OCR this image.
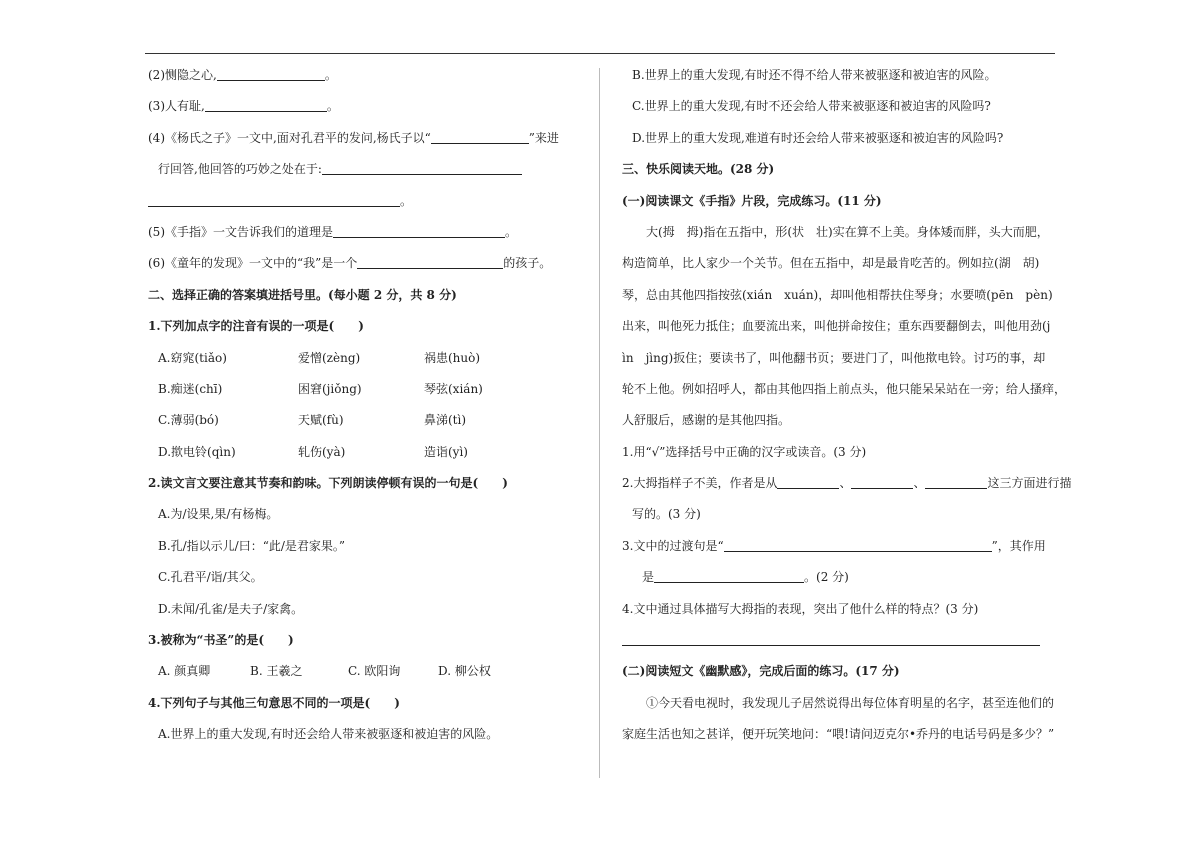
(2)恻隐之心,	。
(3)人有耻,	。
(4)《杨氏之子》一文中,面对孔君平的发问,杨氏子以“	”来进
行回答,他回答的巧妙之处在于:
。
(5)《手指》一文告诉我们的道理是	。
(6)《童年的发现》一文中的“我”是一个	的孩子。
二、选择正确的答案填进括号里。(每小题 2 分，共 8 分)
1.下列加点字的注音有误的一项是(　　)
A.窈窕(tiǎo)	爱憎(zèng)	祸患(huò)
B.痴迷(chī)	困窘(jiǒng)	琴弦(xián)
C.薄弱(bó)	天赋(fù)	鼻涕(tì)
D.揿电铃(qìn)	轧伤(yà)	造诣(yì)
2.读文言文要注意其节奏和韵味。下列朗读停顿有误的一句是(　　)
A.为/设果,果/有杨梅。
B.孔/指以示儿/曰：“此/是君家果。”
C.孔君平/诣/其父。
D.未闻/孔雀/是夫子/家禽。
3.被称为“书圣”的是(　　)
A. 颜真卿	B. 王羲之	C. 欧阳询	D. 柳公权
4.下列句子与其他三句意思不同的一项是(　　)
A.世界上的重大发现,有时还会给人带来被驱逐和被迫害的风险。
B.世界上的重大发现,有时还不得不给人带来被驱逐和被迫害的风险。
C.世界上的重大发现,有时不还会给人带来被驱逐和被迫害的风险吗?
D.世界上的重大发现,难道有时还会给人带来被驱逐和被迫害的风险吗?
三、快乐阅读天地。(28 分)
(一)阅读课文《手指》片段，完成练习。(11 分)
　　大(拇　拇)指在五指中，形(状　壮)实在算不上美。身体矮而胖，头大而肥，
构造简单，比人家少一个关节。但在五指中，却是最肯吃苦的。例如拉(湖　胡)
琴，总由其他四指按弦(xián　xuán)，却叫他相帮扶住琴身；水要喷(pēn　pèn)
出来，叫他死力抵住；血要流出来，叫他拼命按住；重东西要翻倒去，叫他用劲(j
ìn　jìng)扳住；要读书了，叫他翻书页；要进门了，叫他揿电铃。讨巧的事，却
轮不上他。例如招呼人，都由其他四指上前点头，他只能呆呆站在一旁；给人搔痒，
人舒服后，感谢的是其他四指。
1.用“√”选择括号中正确的汉字或读音。(3 分)
2.大拇指样子不美，作者是从	、	、	这三方面进行描
写的。(3 分)
3.文中的过渡句是“	”，其作用
是	。(2 分)
4.文中通过具体描写大拇指的表现，突出了他什么样的特点？(3 分)
(二)阅读短文《幽默感》，完成后面的练习。(17 分)
　　①今天看电视时，我发现儿子居然说得出每位体育明星的名字，甚至连他们的
家庭生活也知之甚详，便开玩笑地问：“喂!请问迈克尔•乔丹的电话号码是多少？”
